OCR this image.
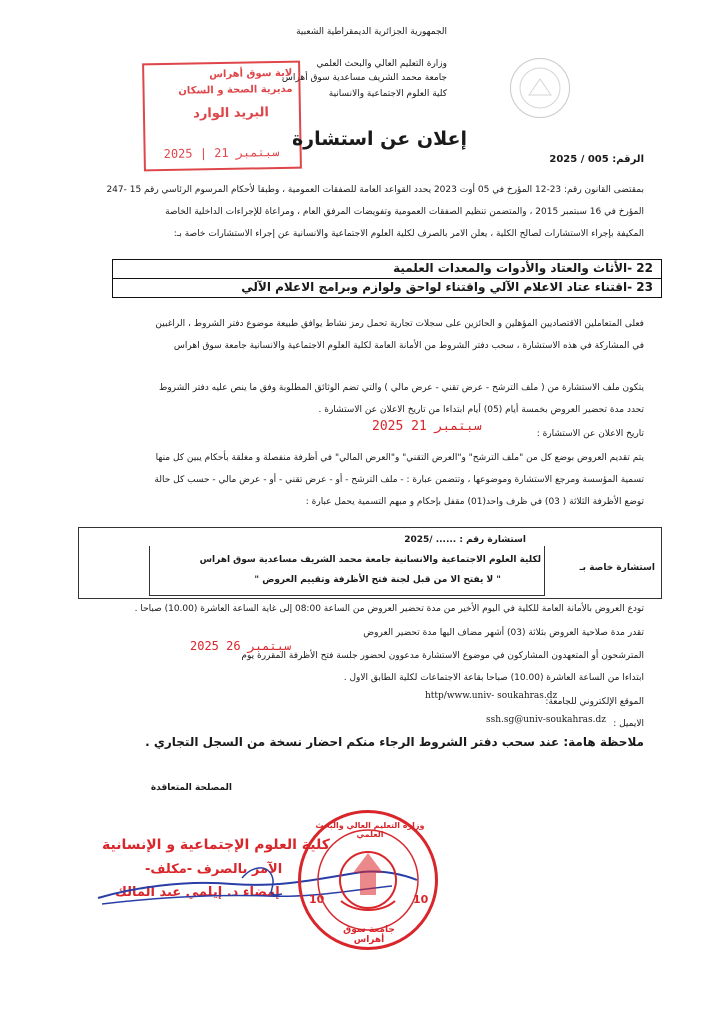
الجمهورية الجزائرية الديمقراطية الشعبية
وزارة التعليم العالي والبحث العلمي
جامعة محمد الشريف مساعدية سوق أهراس
كلية العلوم الاجتماعية والانسانية
لاية سوق أهراس
مديرية الصحة و السكان
البريد الوارد
2025 | 21 سبتمبر
إعلان عن استشارة
الرقم: 005 / 2025
بمقتضى القانون رقم: 23-12 المؤرخ في 05 أوت 2023 يحدد القواعد العامة للصفقات العمومية ، وطبقا لأحكام المرسوم الرئاسي رقم 15 -247
المؤرخ في 16 سبتمبر 2015 ، والمتضمن تنظيم الصفقات العمومية وتفويضات المرفق العام ، ومراعاة للإجراءات الداخلية الخاصة
المكيفة بإجراء الاستشارات لصالح الكلية ، يعلن الامر بالصرف لكلية العلوم الاجتماعية والانسانية عن إجراء الاستشارات خاصة بـ:
22 -الأثاث والعتاد والأدوات والمعدات العلمية
23 -اقتناء عتاد الاعلام الآلي واقتناء لواحق ولوازم وبرامج الاعلام الآلي
فعلى المتعاملين الاقتصاديين المؤهلين و الحائزين على سجلات تجارية تحمل رمز نشاط يوافق طبيعة موضوع دفتر الشروط ، الراغبين
في المشاركة في هذه الاستشارة ، سحب دفتر الشروط من الأمانة العامة لكلية العلوم الاجتماعية والانسانية جامعة سوق اهراس
يتكون ملف الاستشارة من ( ملف الترشح - عرض تقني - عرض مالي ) والتي تضم الوثائق المطلوبة وفق ما ينص عليه دفتر الشروط
تحدد مدة تحضير العروض بخمسة أيام (05) أيام ابتداءا من تاريخ الاعلان عن الاستشارة .
تاريخ الاعلان عن الاستشارة :
2025 سبتمبر 21
يتم تقديم العروض بوضع كل من "ملف الترشح" و"العرض التقني" و"العرض المالي" في أظرفة منفصلة و مغلقة بأحكام يبين كل منها
تسمية المؤسسة ومرجع الاستشارة وموضوعها ، وتتضمن عبارة : - ملف الترشح - أو - عرض تقني - أو - عرض مالي - حسب كل حالة
توضع الأظرفة الثلاثة ( 03) في ظرف واحد(01) مقفل بإحكام و مبهم التسمية يحمل عبارة :
استشارة رقم : ...... /2025
استشارة خاصة بـ
لكلية العلوم الاجتماعية والانسانية جامعة محمد الشريف مساعدية سوق اهراس
" لا يفتح الا من قبل لجنة فتح الأظرفة وتقييم العروض "
تودع العروض بالأمانة العامة للكلية في اليوم الأخير من مدة تحضير العروض من الساعة 08:00 إلى غاية الساعة العاشرة (10.00) صباحا .
تقدر مدة صلاحية العروض بثلاثة (03) أشهر مضاف اليها مدة تحضير العروض
المترشحون أو المتعهدون المشاركون في موضوع الاستشارة مدعوون لحضور جلسة فتح الأظرفة المقررة يوم
2025 سبتمبر 26
ابتداءا من الساعة العاشرة (10.00) صباحا بقاعة الاجتماعات لكلية الطابق الاول .
الموقع الإلكتروني للجامعة:
http/www.univ- soukahras.dz
الايميل :
ssh.sg@univ-soukahras.dz
ملاحظة هامة: عند سحب دفتر الشروط الرجاء منكم احضار نسخة من السجل التجاري .
المصلحة المتعاقدة
كلية العلوم الإجتماعية و الإنسانية
الآمر بالصرف -مكلف-
إمضاء د. إيلمي عبد المالك
وزارة التعليم العالي والبحث العلمي
10	10
جامعة سوق أهراس
